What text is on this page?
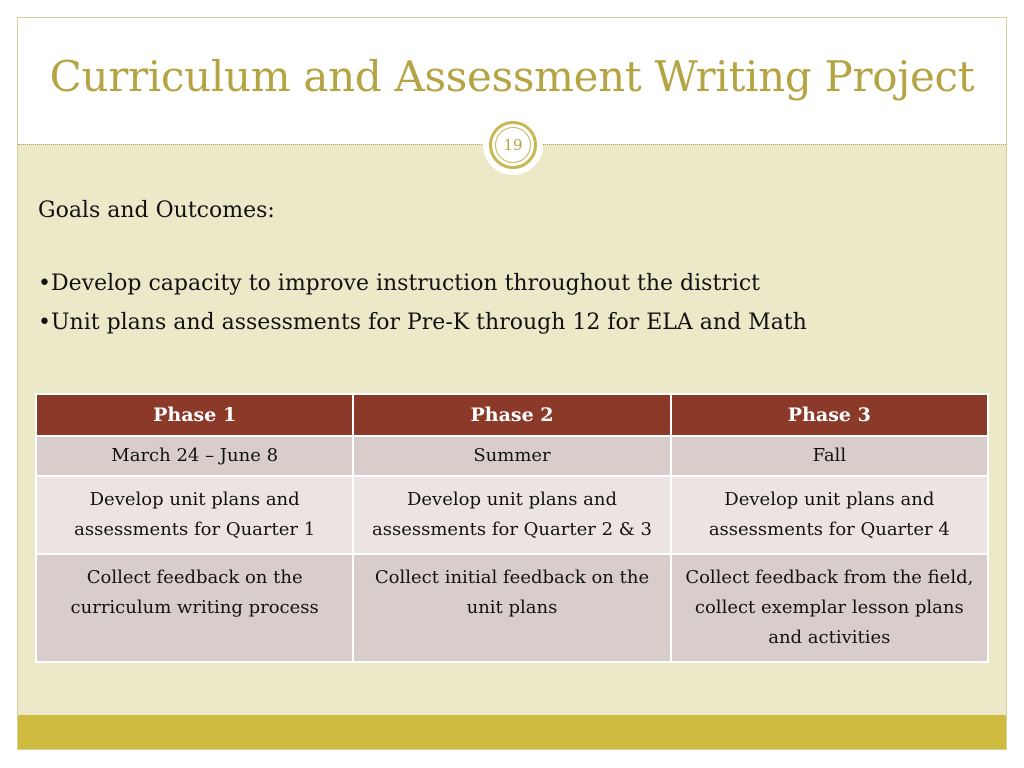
Curriculum and Assessment Writing Project
19

Goals and Outcomes:

•Develop capacity to improve instruction throughout the district

•Unit plans and assessments for Pre-K through 12 for ELA and Math

Phase 1	Phase 2	Phase 3
March 24 – June 8	Summer	Fall
Develop unit plans and assessments for Quarter 1	Develop unit plans and assessments for Quarter 2 & 3	Develop unit plans and assessments for Quarter 4
Collect feedback on the curriculum writing process	Collect initial feedback on the unit plans	Collect feedback from the field, collect exemplar lesson plans and activities
